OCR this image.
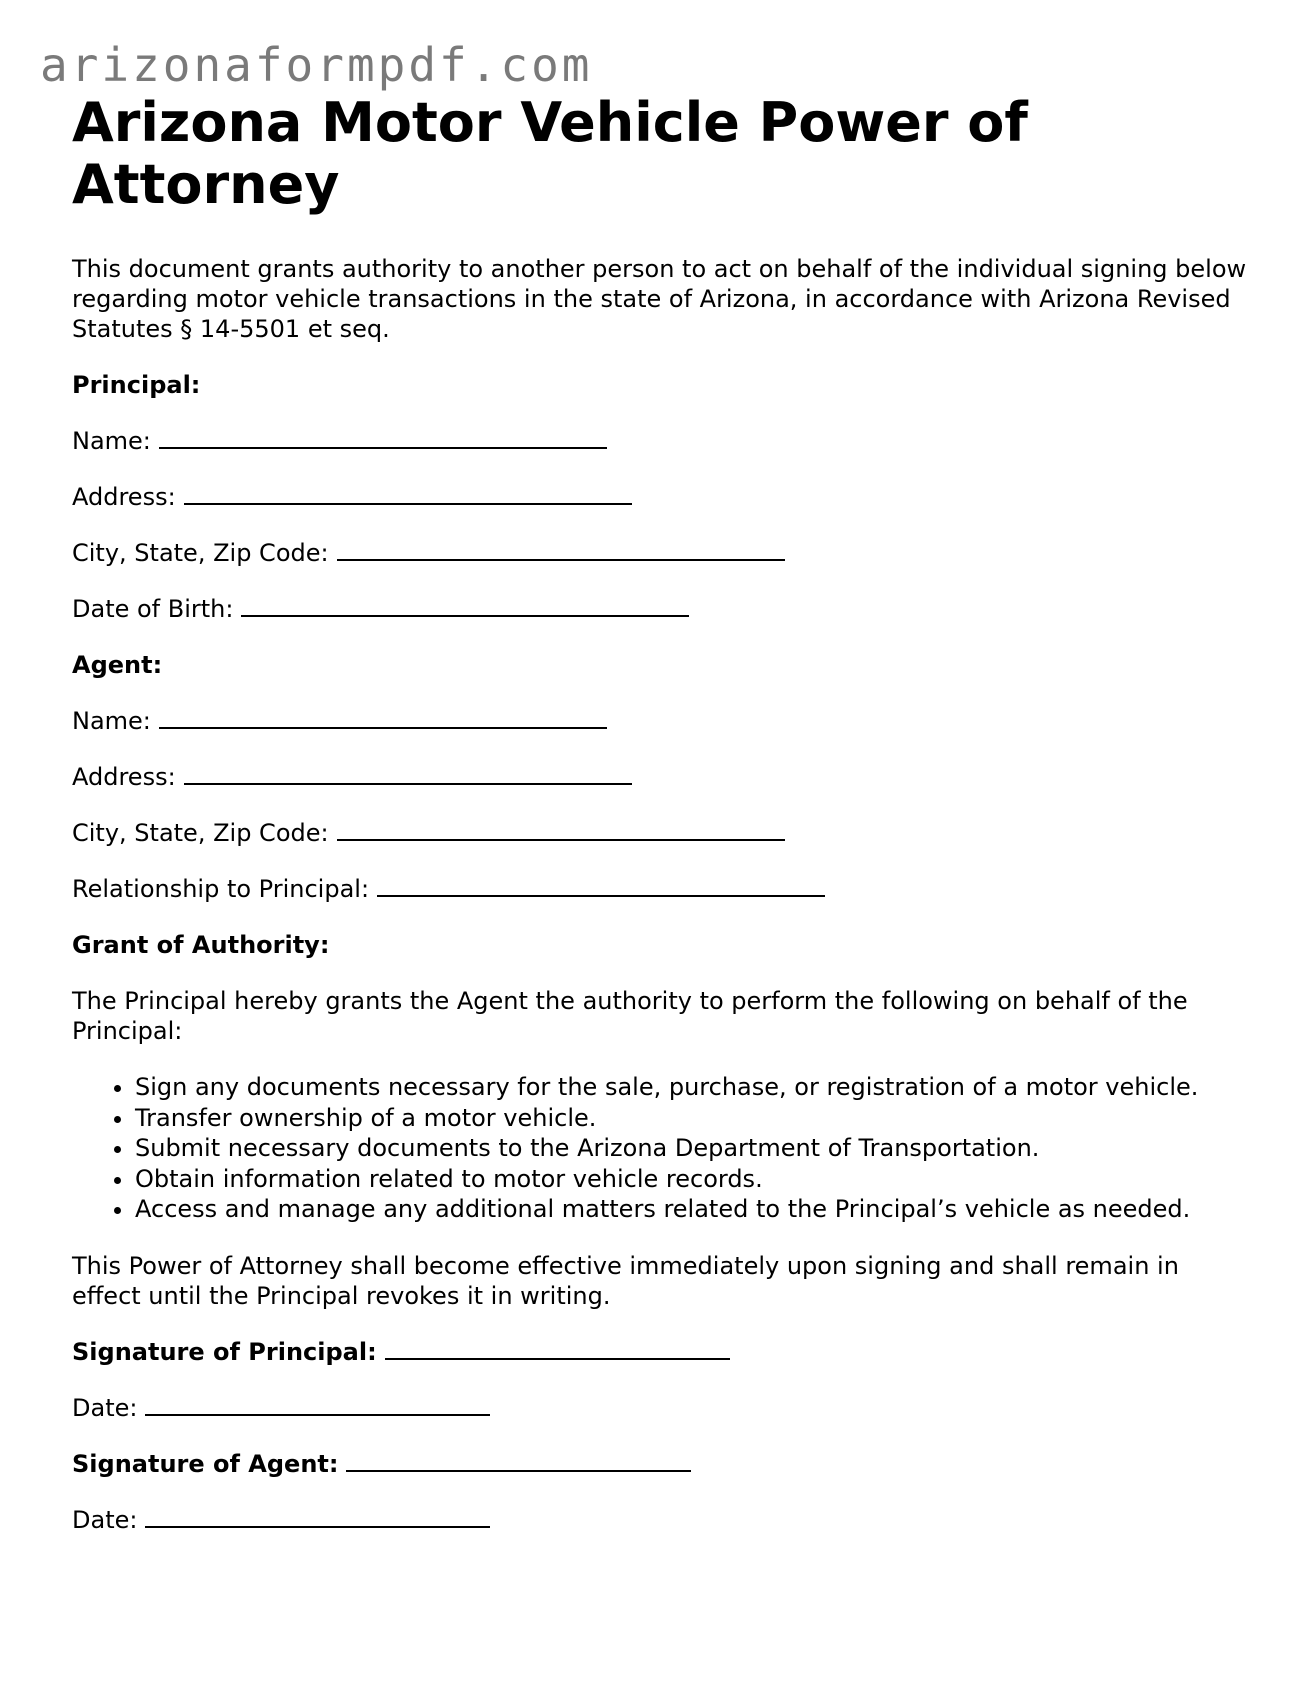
arizonaformpdf.com
Arizona Motor Vehicle Power of Attorney

This document grants authority to another person to act on behalf of the individual signing below regarding motor vehicle transactions in the state of Arizona, in accordance with Arizona Revised Statutes § 14-5501 et seq.

Principal:

Name:

Address:

City, State, Zip Code:

Date of Birth:

Agent:

Name:

Address:

City, State, Zip Code:

Relationship to Principal:

Grant of Authority:

The Principal hereby grants the Agent the authority to perform the following on behalf of the Principal:

• Sign any documents necessary for the sale, purchase, or registration of a motor vehicle.
• Transfer ownership of a motor vehicle.
• Submit necessary documents to the Arizona Department of Transportation.
• Obtain information related to motor vehicle records.
• Access and manage any additional matters related to the Principal’s vehicle as needed.

This Power of Attorney shall become effective immediately upon signing and shall remain in effect until the Principal revokes it in writing.

Signature of Principal:

Date:

Signature of Agent:

Date:
